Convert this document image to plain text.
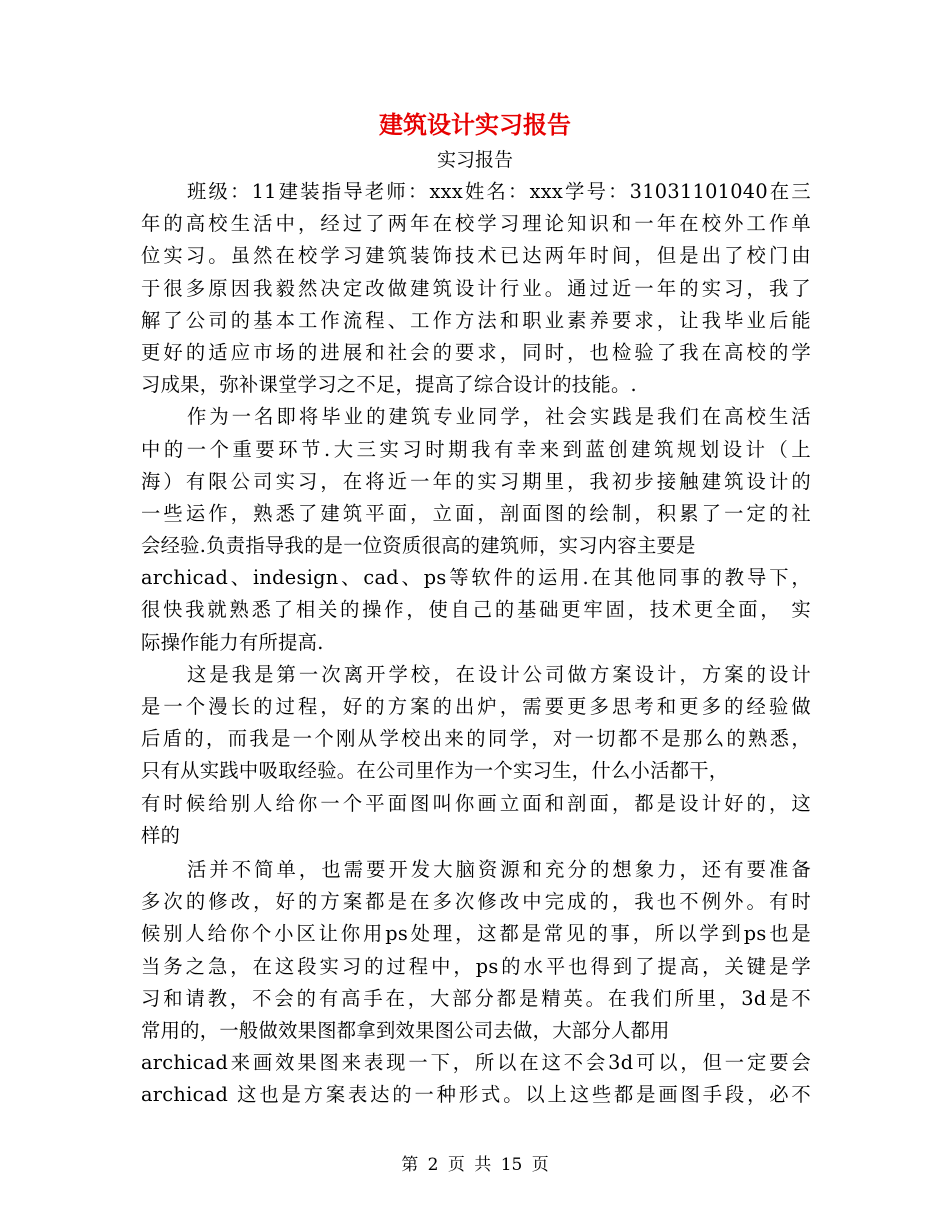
建筑设计实习报告

实习报告

班级：11建装指导老师：xxx姓名：xxx学号：31031101040在三

年的高校生活中，经过了两年在校学习理论知识和一年在校外工作单

位实习。虽然在校学习建筑装饰技术已达两年时间，但是出了校门由

于很多原因我毅然决定改做建筑设计行业。通过近一年的实习，我了

解了公司的基本工作流程、工作方法和职业素养要求，让我毕业后能

更好的适应市场的进展和社会的要求，同时，也检验了我在高校的学

习成果，弥补课堂学习之不足，提高了综合设计的技能。.

作为一名即将毕业的建筑专业同学，社会实践是我们在高校生活

中的一个重要环节.大三实习时期我有幸来到蓝创建筑规划设计（上

海）有限公司实习，在将近一年的实习期里，我初步接触建筑设计的

一些运作，熟悉了建筑平面，立面，剖面图的绘制，积累了一定的社

会经验.负责指导我的是一位资质很高的建筑师，实习内容主要是

archicad、indesign、cad、ps等软件的运用.在其他同事的教导下，

很快我就熟悉了相关的操作，使自己的基础更牢固，技术更全面， 实

际操作能力有所提高.

这是我是第一次离开学校，在设计公司做方案设计，方案的设计

是一个漫长的过程，好的方案的出炉，需要更多思考和更多的经验做

后盾的，而我是一个刚从学校出来的同学，对一切都不是那么的熟悉，

只有从实践中吸取经验。在公司里作为一个实习生，什么小活都干，

有时候给别人给你一个平面图叫你画立面和剖面，都是设计好的，这

样的

活并不简单，也需要开发大脑资源和充分的想象力，还有要准备

多次的修改，好的方案都是在多次修改中完成的，我也不例外。有时

候别人给你个小区让你用ps处理，这都是常见的事，所以学到ps也是

当务之急，在这段实习的过程中，ps的水平也得到了提高，关键是学

习和请教，不会的有高手在，大部分都是精英。在我们所里，3d是不

常用的，一般做效果图都拿到效果图公司去做，大部分人都用

archicad来画效果图来表现一下，所以在这不会3d可以，但一定要会

archicad 这也是方案表达的一种形式。以上这些都是画图手段，必不

第 2 页 共 15 页
